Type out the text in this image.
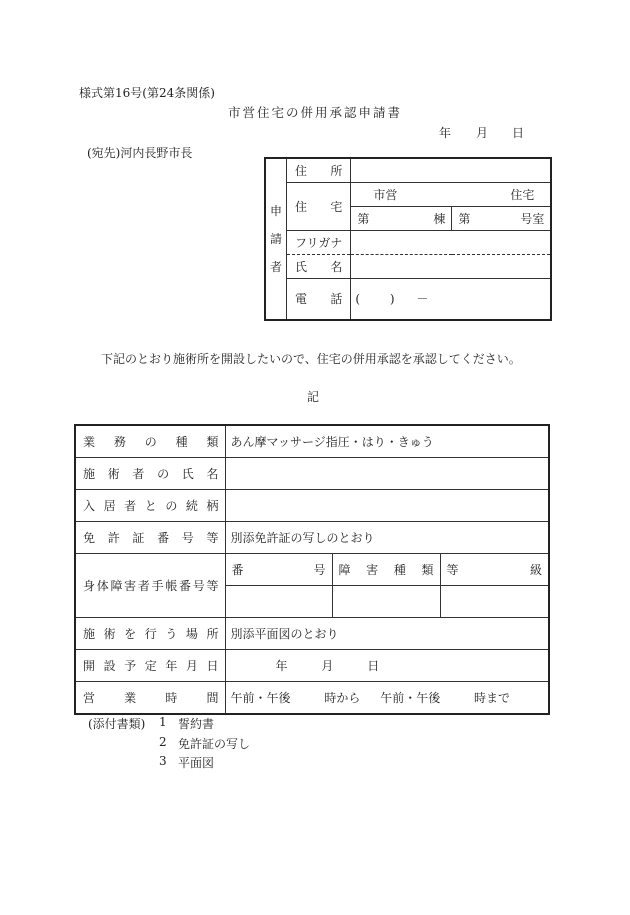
様式第16号(第24条関係)
市営住宅の併用承認申請書
年 月 日
(宛先)河内長野市長
申
請
者	住所		
	住宅	市営 住宅	

		第 棟	第 号室

	フリガナ		
	氏名		
	電話	( ) －	
下記のとおり施術所を開設したいので、住宅の併用承認を承認してください。
記
業務の種類	あん摩マッサージ指圧・はり・きゅう		
施術者の氏名			
入居者との続柄			
免許証番号等	別添免許証の写しのとおり		
身体障害者手帳番号等	番 号	障害種類	等 級

施術を行う場所	別添平面図のとおり		
開設予定年月日	年 月 日		
営業時間	午前・午後 時から 午前・午後 時まで		
(添付書類) 1 誓約書
2 免許証の写し
3 平面図
